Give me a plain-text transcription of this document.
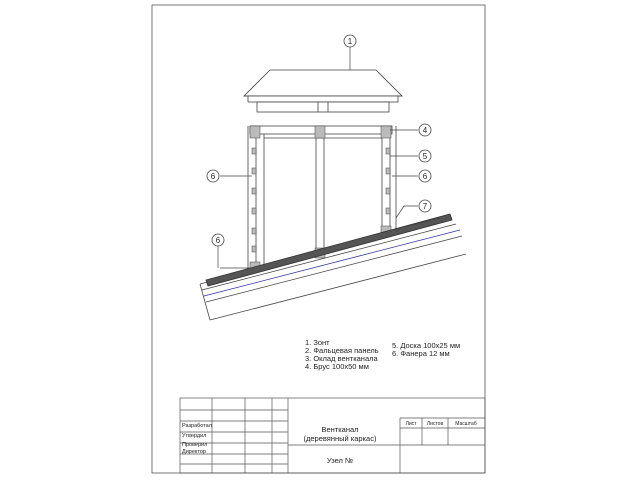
1
4
5
6
7
6
6
1. Зонт
2. Фальцевая панель
3. Оклад вентканала
4. Брус 100х50 мм
5. Доска 100х25 мм
6. Фанера 12 мм
Разработал
Утвердил
Проверил
Директор
Вентканал
(деревянный каркас)
Узел №
Лист Листов Масштаб
